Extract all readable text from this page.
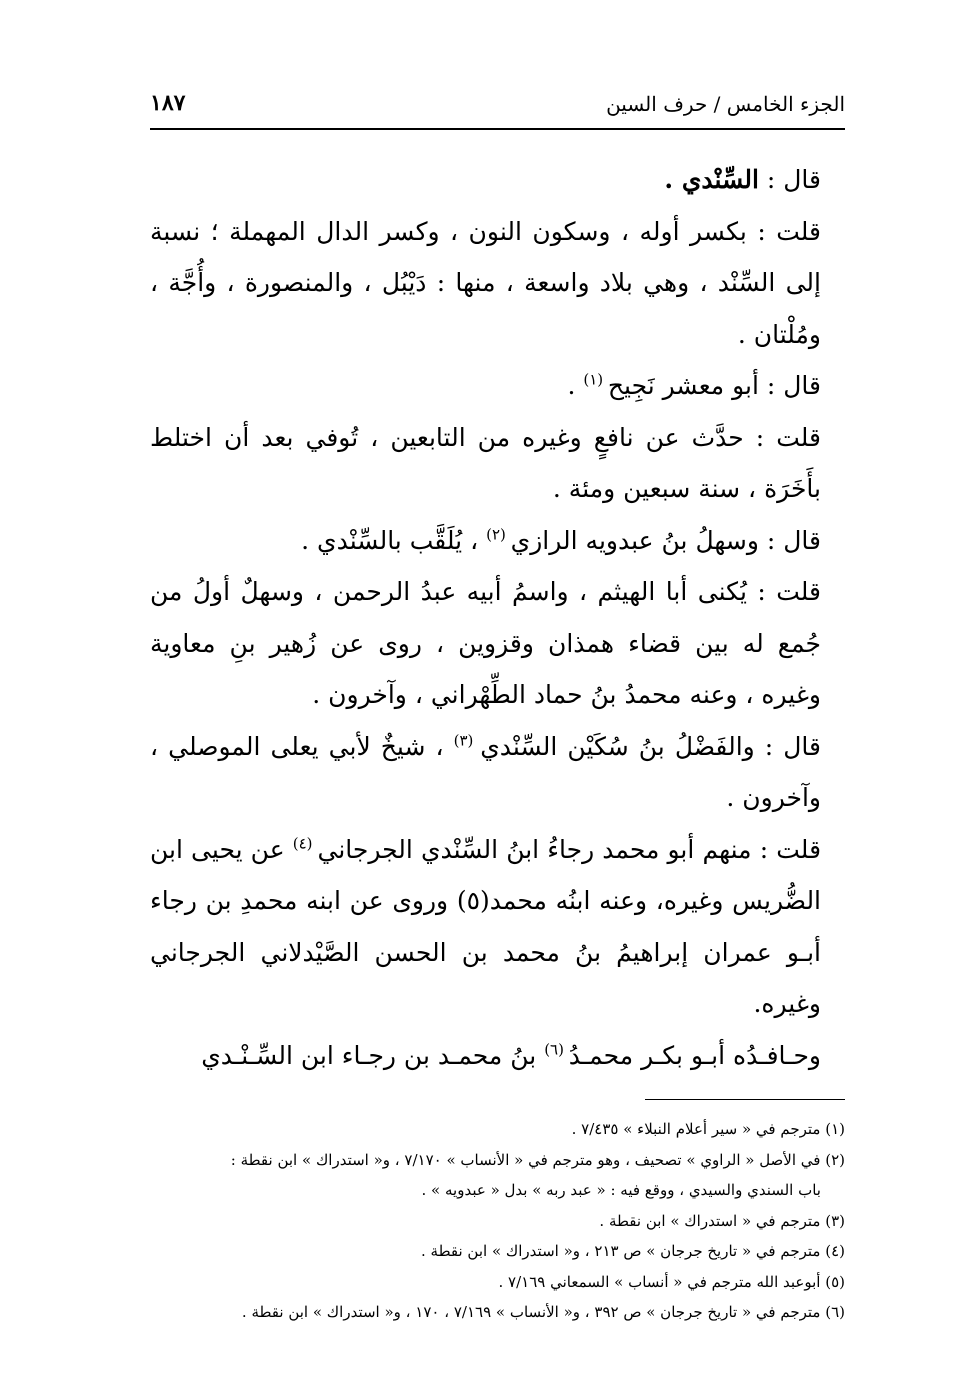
الجزء الخامس / حرف السين
١٨٧

قال : السِّنْدي .

قلت : بكسر أوله ، وسكون النون ، وكسر الدال المهملة ؛ نسبة إلى السِّنْد ، وهي بلاد واسعة ، منها : دَيْبُل ، والمنصورة ، وأُجَّة ، ومُلْتان .

قال : أبو معشر نَجِيح $^{(١)}$ .

قلت : حدَّث عن نافعٍ وغيره من التابعين ، تُوفي بعد أن اختلط بأَخَرَة ، سنة سبعين ومئة .

قال : وسهلُ بنُ عبدويه الرازي $^{(٢)}$ ، يُلَقَّب بالسِّنْدي .

قلت : يُكنى أبا الهيثم ، واسمُ أبيه عبدُ الرحمن ، وسهلٌ أولُ من جُمع له بين قضاء همذان وقزوين ، روى عن زُهير بنِ معاوية وغيره ، وعنه محمدُ بنُ حماد الطِّهْراني ، وآخرون .

قال : والفَضْلُ بنُ سُكَيْن السِّنْدي $^{(٣)}$ ، شيخٌ لأبي يعلى الموصلي ، وآخرون .

قلت : منهم أبو محمد رجاءُ ابنُ السِّنْدي الجرجاني $^{(٤)}$ عن يحيى ابن الضُّريس وغيره، وعنه ابنُه محمد(٥) وروى عن ابنه محمدِ بن رجاء أبـو عمران إبراهيمُ بنُ محمد بن الحسن الصَّيْدلاني الجرجاني وغيره.

وحـافـدُه أبـو بكـر محمـدُ $^{(٦)}$ بنُ محمـد بن رجـاء ابن السِّـنْـدي

(١) مترجم في « سير أعلام النبلاء » ٧/٤٣٥ .

(٢) في الأصل « الراوي » تصحيف ، وهو مترجم في « الأنساب » ٧/١٧٠ ، و« استدراك » ابن نقطة :

باب السندي والسيدي ، ووقع فيه : « عبد ربه » بدل « عبدويه » .

(٣) مترجم في « استدراك » ابن نقطة .

(٤) مترجم في « تاريخ جرجان » ص ٢١٣ ، و« استدراك » ابن نقطة .

(٥) أبوعبد الله مترجم في « أنساب » السمعاني ٧/١٦٩ .

(٦) مترجم في « تاريخ جرجان » ص ٣٩٢ ، و« الأنساب » ٧/١٦٩ ، ١٧٠ ، و« استدراك » ابن نقطة .
